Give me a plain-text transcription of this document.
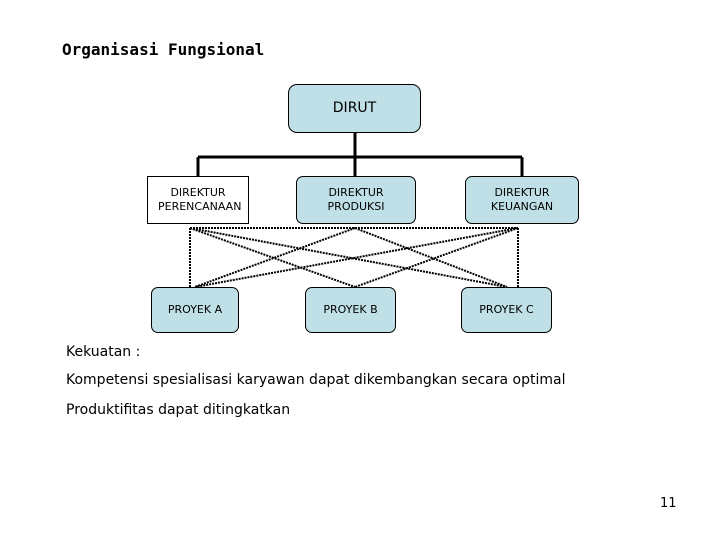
Organisasi Fungsional
DIRUT
DIREKTUR PERENCANAAN
DIREKTUR PRODUKSI
DIREKTUR KEUANGAN
PROYEK A	PROYEK B	PROYEK C
Kekuatan :
Kompetensi spesialisasi karyawan dapat dikembangkan secara optimal
Produktifitas dapat ditingkatkan
11
